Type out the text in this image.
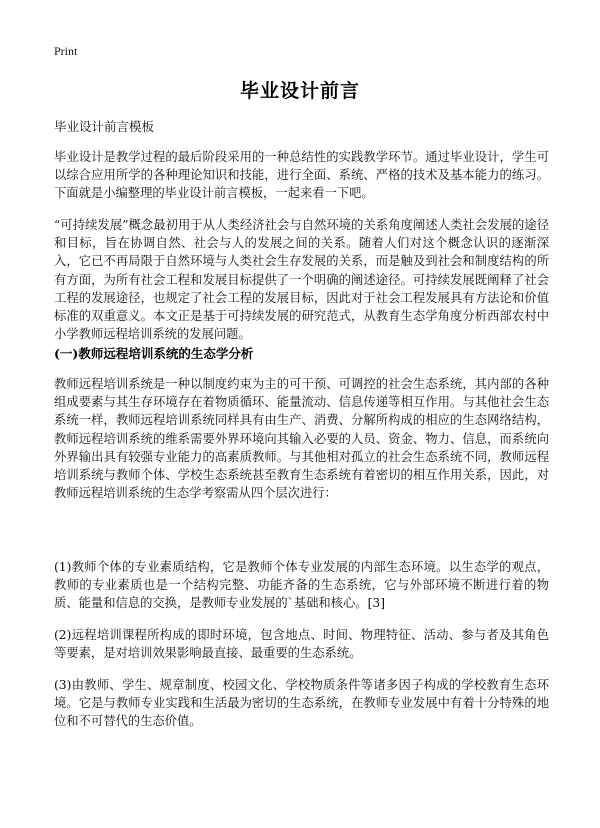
Print
毕业设计前言
毕业设计前言模板
毕业设计是教学过程的最后阶段采用的一种总结性的实践教学环节。通过毕业设计，学生可以综合应用所学的各种理论知识和技能，进行全面、系统、严格的技术及基本能力的练习。下面就是小编整理的毕业设计前言模板，一起来看一下吧。
“可持续发展”概念最初用于从人类经济社会与自然环境的关系角度阐述人类社会发展的途径和目标，旨在协调自然、社会与人的发展之间的关系。随着人们对这个概念认识的逐渐深入，它已不再局限于自然环境与人类社会生存发展的关系，而是触及到社会和制度结构的所有方面，为所有社会工程和发展目标提供了一个明确的阐述途径。可持续发展既阐释了社会工程的发展途径，也规定了社会工程的发展目标，因此对于社会工程发展具有方法论和价值标准的双重意义。本文正是基于可持续发展的研究范式，从教育生态学角度分析西部农村中小学教师远程培训系统的发展问题。
(一)教师远程培训系统的生态学分析
教师远程培训系统是一种以制度约束为主的可干预、可调控的社会生态系统，其内部的各种组成要素与其生存环境存在着物质循环、能量流动、信息传递等相互作用。与其他社会生态系统一样，教师远程培训系统同样具有由生产、消费、分解所构成的相应的生态网络结构，教师远程培训系统的维系需要外界环境向其输入必要的人员、资金、物力、信息，而系统向外界输出具有较强专业能力的高素质教师。与其他相对孤立的社会生态系统不同，教师远程培训系统与教师个体、学校生态系统甚至教育生态系统有着密切的相互作用关系，因此，对教师远程培训系统的生态学考察需从四个层次进行：
(1)教师个体的专业素质结构，它是教师个体专业发展的内部生态环境。以生态学的观点，教师的专业素质也是一个结构完整、功能齐备的生态系统，它与外部环境不断进行着的物质、能量和信息的交换，是教师专业发展的`基础和核心。[3]
(2)远程培训课程所构成的即时环境，包含地点、时间、物理特征、活动、参与者及其角色等要素，是对培训效果影响最直接、最重要的生态系统。
(3)由教师、学生、规章制度、校园文化、学校物质条件等诸多因子构成的学校教育生态环境。它是与教师专业实践和生活最为密切的生态系统，在教师专业发展中有着十分特殊的地位和不可替代的生态价值。
